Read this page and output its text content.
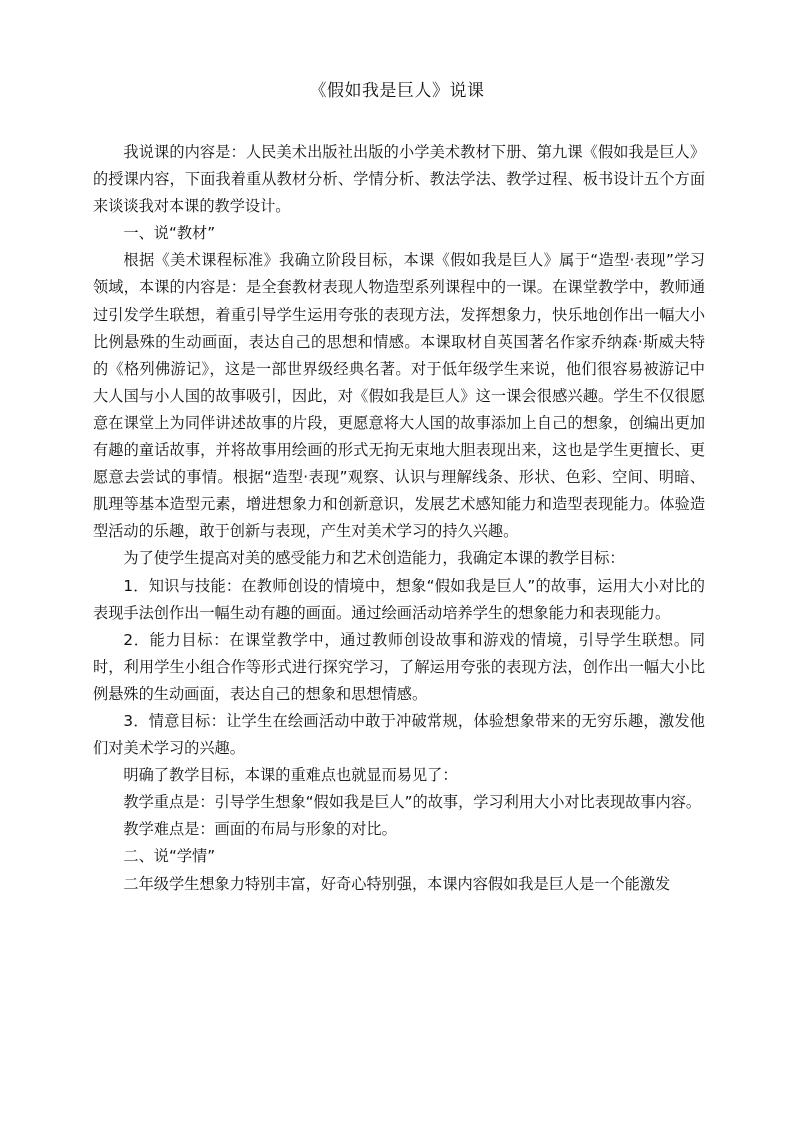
《假如我是巨人》说课

我说课的内容是：人民美术出版社出版的小学美术教材下册、第九课《假如我是巨人》的授课内容，下面我着重从教材分析、学情分析、教法学法、教学过程、板书设计五个方面来谈谈我对本课的教学设计。

一、说“教材”

根据《美术课程标准》我确立阶段目标，本课《假如我是巨人》属于“造型·表现”学习领域，本课的内容是：是全套教材表现人物造型系列课程中的一课。在课堂教学中，教师通过引发学生联想，着重引导学生运用夸张的表现方法，发挥想象力，快乐地创作出一幅大小比例悬殊的生动画面，表达自己的思想和情感。本课取材自英国著名作家乔纳森·斯威夫特的《格列佛游记》，这是一部世界级经典名著。对于低年级学生来说，他们很容易被游记中大人国与小人国的故事吸引，因此，对《假如我是巨人》这一课会很感兴趣。学生不仅很愿意在课堂上为同伴讲述故事的片段，更愿意将大人国的故事添加上自己的想象，创编出更加有趣的童话故事，并将故事用绘画的形式无拘无束地大胆表现出来，这也是学生更擅长、更愿意去尝试的事情。根据“造型·表现”观察、认识与理解线条、形状、色彩、空间、明暗、肌理等基本造型元素，增进想象力和创新意识，发展艺术感知能力和造型表现能力。体验造型活动的乐趣，敢于创新与表现，产生对美术学习的持久兴趣。

为了使学生提高对美的感受能力和艺术创造能力，我确定本课的教学目标：

1．知识与技能：在教师创设的情境中，想象“假如我是巨人”的故事，运用大小对比的表现手法创作出一幅生动有趣的画面。通过绘画活动培养学生的想象能力和表现能力。

2．能力目标：在课堂教学中，通过教师创设故事和游戏的情境，引导学生联想。同时，利用学生小组合作等形式进行探究学习，了解运用夸张的表现方法，创作出一幅大小比例悬殊的生动画面，表达自己的想象和思想情感。

3．情意目标：让学生在绘画活动中敢于冲破常规，体验想象带来的无穷乐趣，激发他们对美术学习的兴趣。

明确了教学目标，本课的重难点也就显而易见了：

教学重点是：引导学生想象“假如我是巨人”的故事，学习利用大小对比表现故事内容。

教学难点是：画面的布局与形象的对比。

二、说“学情”

二年级学生想象力特别丰富，好奇心特别强，本课内容假如我是巨人是一个能激发
